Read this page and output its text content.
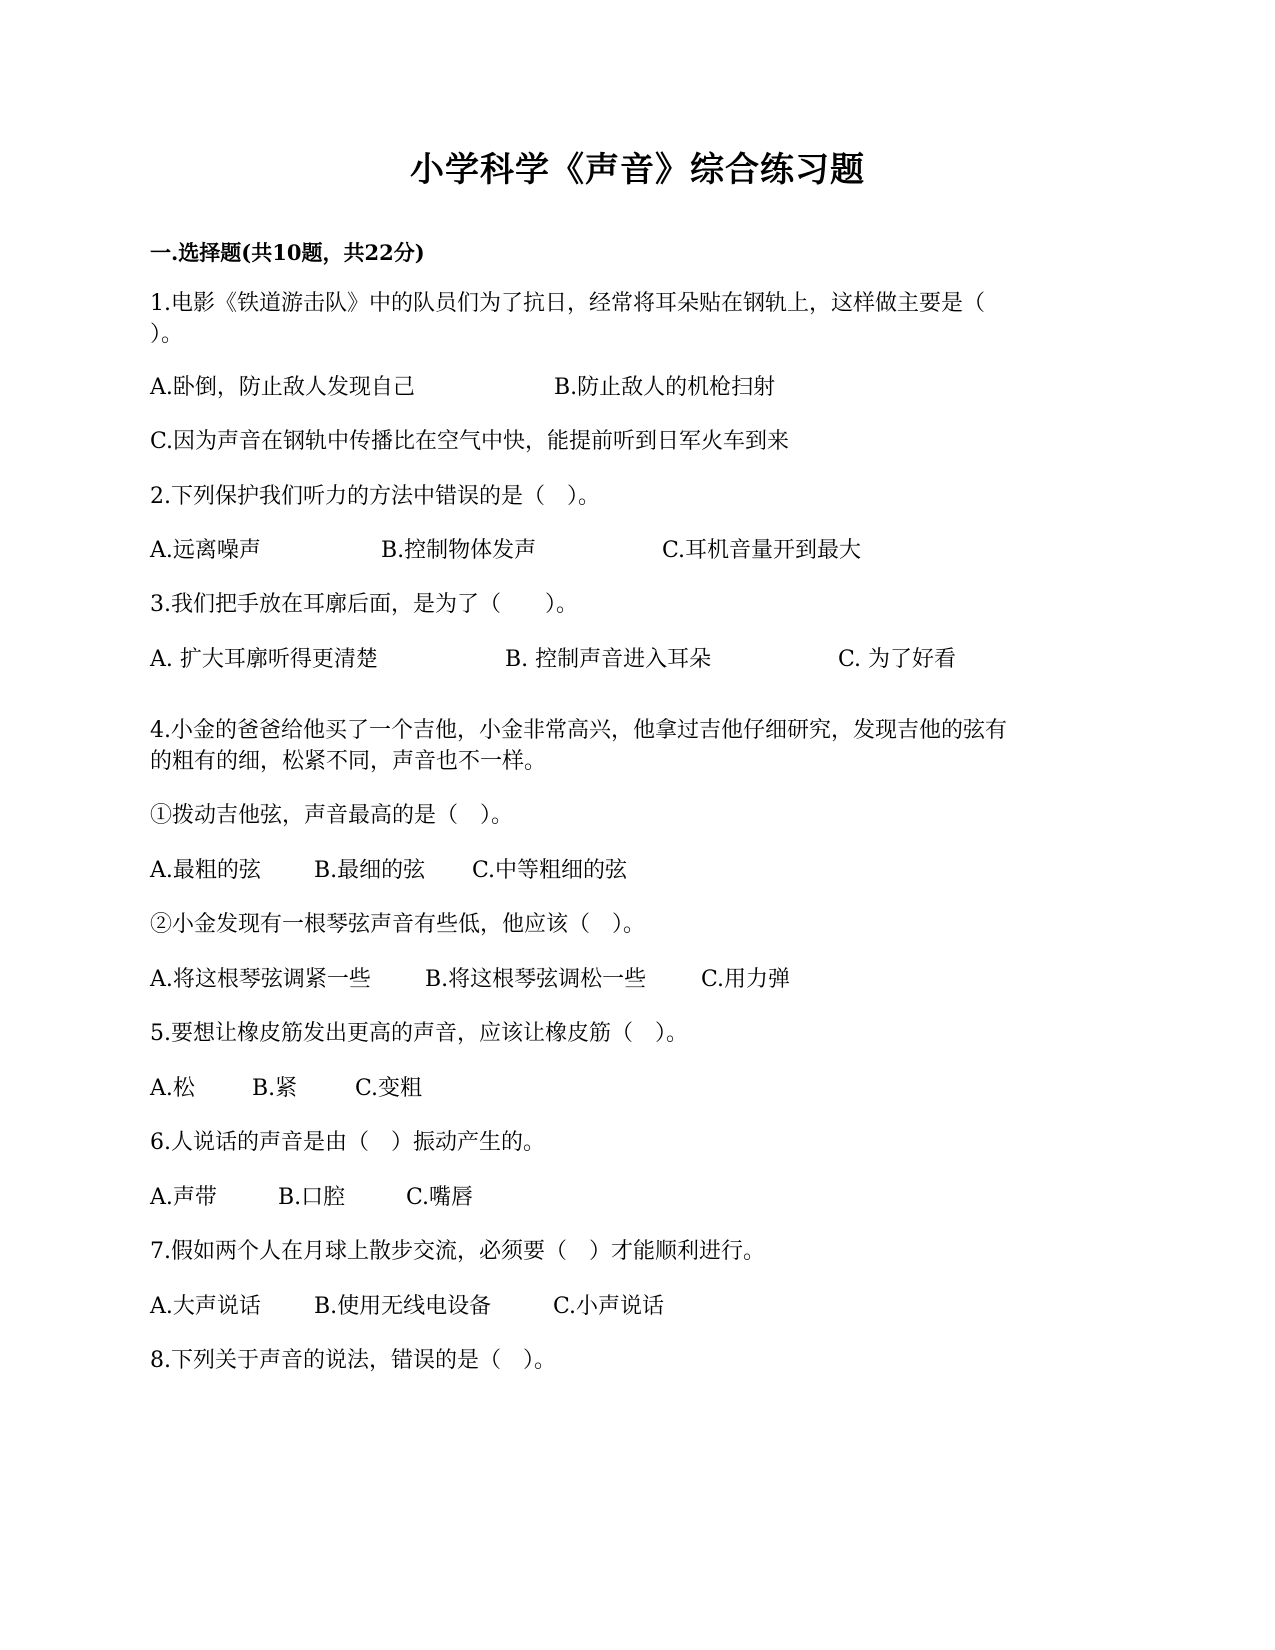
小学科学《声音》综合练习题
一.选择题(共10题，共22分)
1.电影《铁道游击队》中的队员们为了抗日，经常将耳朵贴在钢轨上，这样做主要是（
）。
A.卧倒，防止敌人发现自己	B.防止敌人的机枪扫射
C.因为声音在钢轨中传播比在空气中快，能提前听到日军火车到来
2.下列保护我们听力的方法中错误的是（　）。
A.远离噪声	B.控制物体发声	C.耳机音量开到最大
3.我们把手放在耳廓后面，是为了（　　）。
A. 扩大耳廓听得更清楚	B. 控制声音进入耳朵	C. 为了好看
4.小金的爸爸给他买了一个吉他，小金非常高兴，他拿过吉他仔细研究，发现吉他的弦有
的粗有的细，松紧不同，声音也不一样。
①拨动吉他弦，声音最高的是（　）。
A.最粗的弦 B.最细的弦 C.中等粗细的弦
②小金发现有一根琴弦声音有些低，他应该（　）。
A.将这根琴弦调紧一些 B.将这根琴弦调松一些 C.用力弹
5.要想让橡皮筋发出更高的声音，应该让橡皮筋（　）。
A.松	B.紧	C.变粗
6.人说话的声音是由（　）振动产生的。
A.声带	B.口腔	C.嘴唇
7.假如两个人在月球上散步交流，必须要（　）才能顺利进行。
A.大声说话 B.使用无线电设备	C.小声说话
8.下列关于声音的说法，错误的是（　）。
